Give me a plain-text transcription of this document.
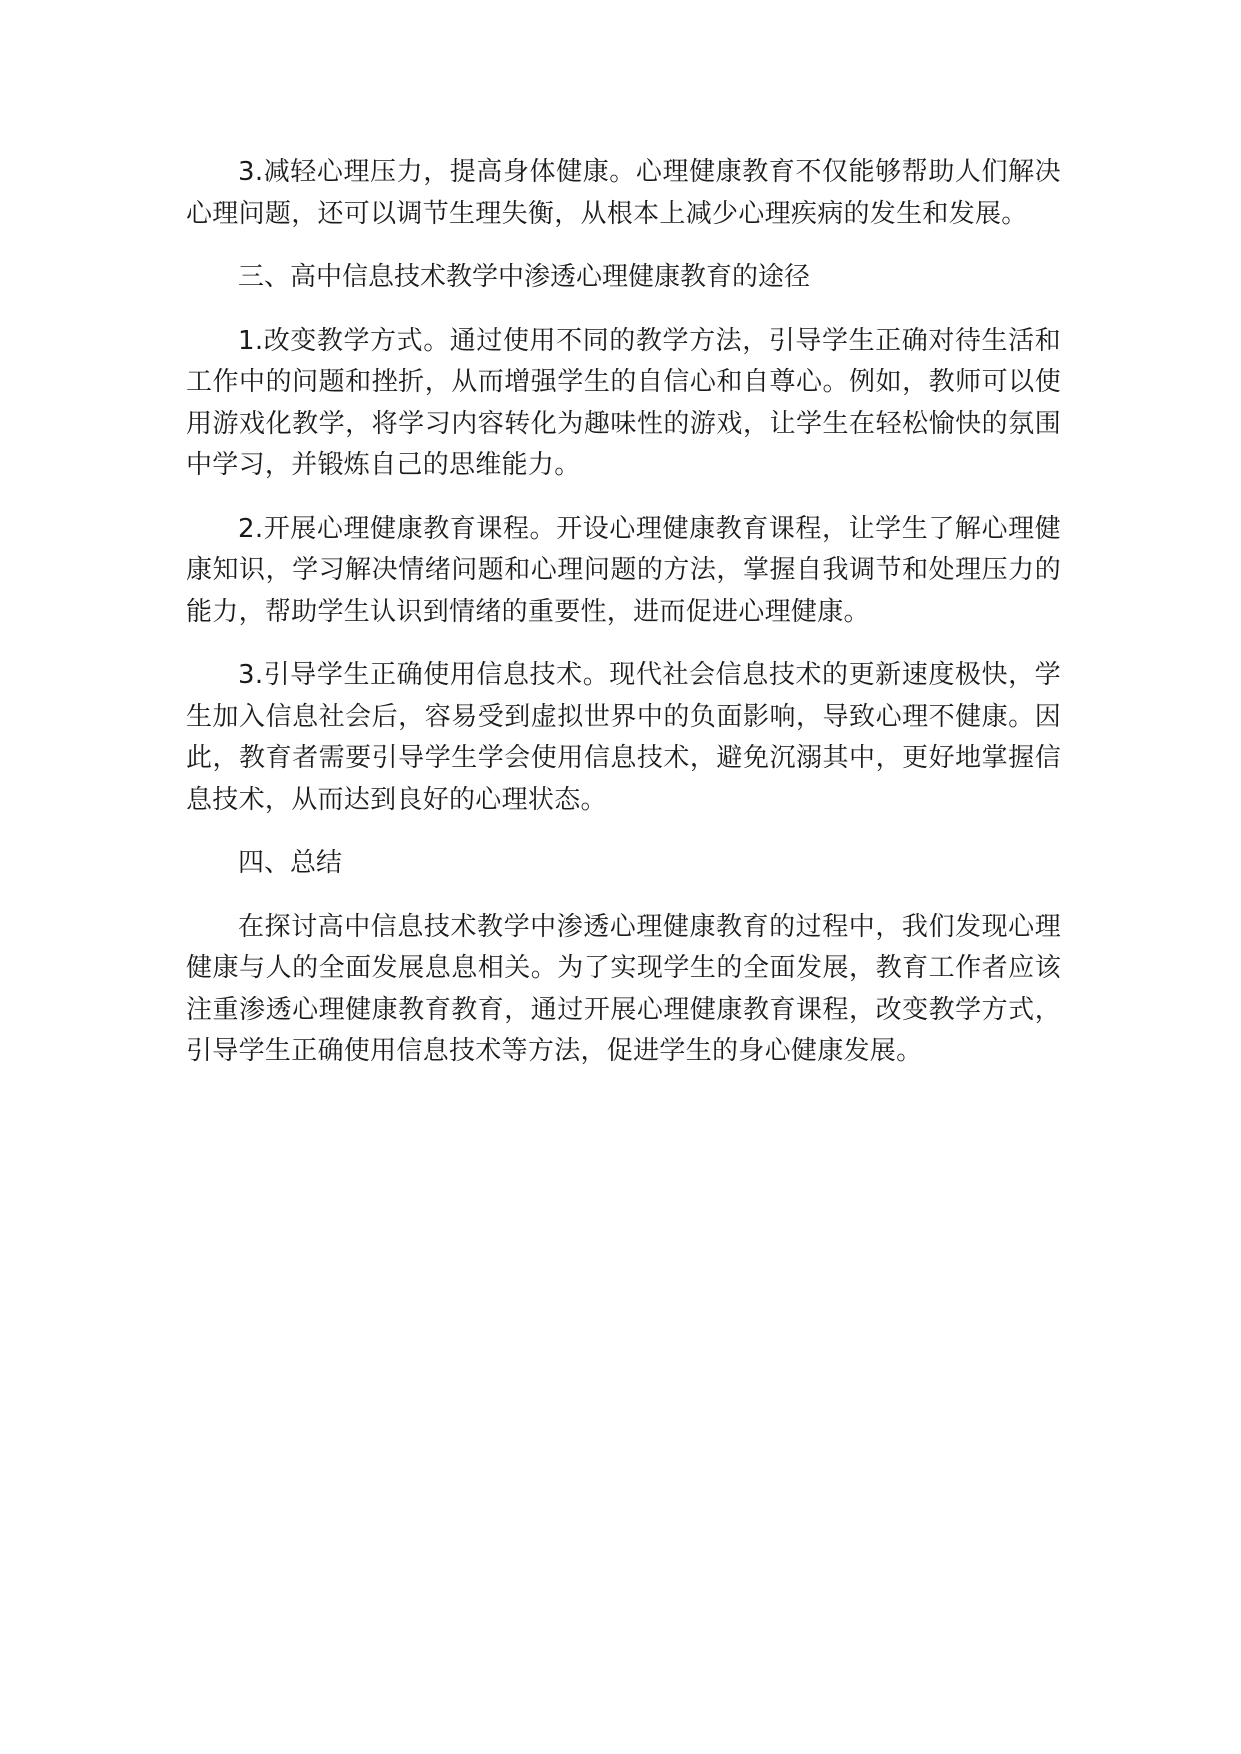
3.减轻心理压力，提高身体健康。心理健康教育不仅能够帮助人们解决心理问题，还可以调节生理失衡，从根本上减少心理疾病的发生和发展。

三、高中信息技术教学中渗透心理健康教育的途径

1.改变教学方式。通过使用不同的教学方法，引导学生正确对待生活和工作中的问题和挫折，从而增强学生的自信心和自尊心。例如，教师可以使用游戏化教学，将学习内容转化为趣味性的游戏，让学生在轻松愉快的氛围中学习，并锻炼自己的思维能力。

2.开展心理健康教育课程。开设心理健康教育课程，让学生了解心理健康知识，学习解决情绪问题和心理问题的方法，掌握自我调节和处理压力的能力，帮助学生认识到情绪的重要性，进而促进心理健康。

3.引导学生正确使用信息技术。现代社会信息技术的更新速度极快，学生加入信息社会后，容易受到虚拟世界中的负面影响，导致心理不健康。因此，教育者需要引导学生学会使用信息技术，避免沉溺其中，更好地掌握信息技术，从而达到良好的心理状态。

四、总结

在探讨高中信息技术教学中渗透心理健康教育的过程中，我们发现心理健康与人的全面发展息息相关。为了实现学生的全面发展，教育工作者应该注重渗透心理健康教育教育，通过开展心理健康教育课程，改变教学方式，引导学生正确使用信息技术等方法，促进学生的身心健康发展。
